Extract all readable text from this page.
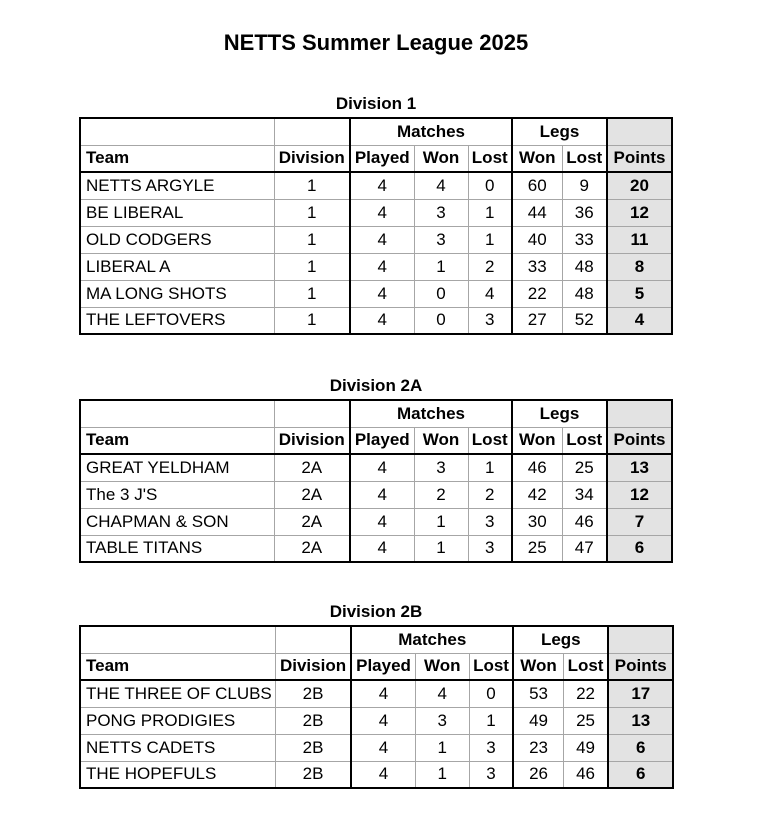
NETTS Summer League 2025
Division 1
		Matches			Legs		
Team	Division	Played	Won	Lost	Won	Lost	Points
NETTS ARGYLE	1	4	4	0	60	9	20
BE LIBERAL	1	4	3	1	44	36	12
OLD CODGERS	1	4	3	1	40	33	11
LIBERAL A	1	4	1	2	33	48	8
MA LONG SHOTS	1	4	0	4	22	48	5
THE LEFTOVERS	1	4	0	3	27	52	4
Division 2A
		Matches			Legs		
Team	Division	Played	Won	Lost	Won	Lost	Points
GREAT YELDHAM	2A	4	3	1	46	25	13
The 3 J'S	2A	4	2	2	42	34	12
CHAPMAN & SON	2A	4	1	3	30	46	7
TABLE TITANS	2A	4	1	3	25	47	6
Division 2B
		Matches			Legs		
Team	Division	Played	Won	Lost	Won	Lost	Points
THE THREE OF CLUBS	2B	4	4	0	53	22	17
PONG PRODIGIES	2B	4	3	1	49	25	13
NETTS CADETS	2B	4	1	3	23	49	6
THE HOPEFULS	2B	4	1	3	26	46	6
